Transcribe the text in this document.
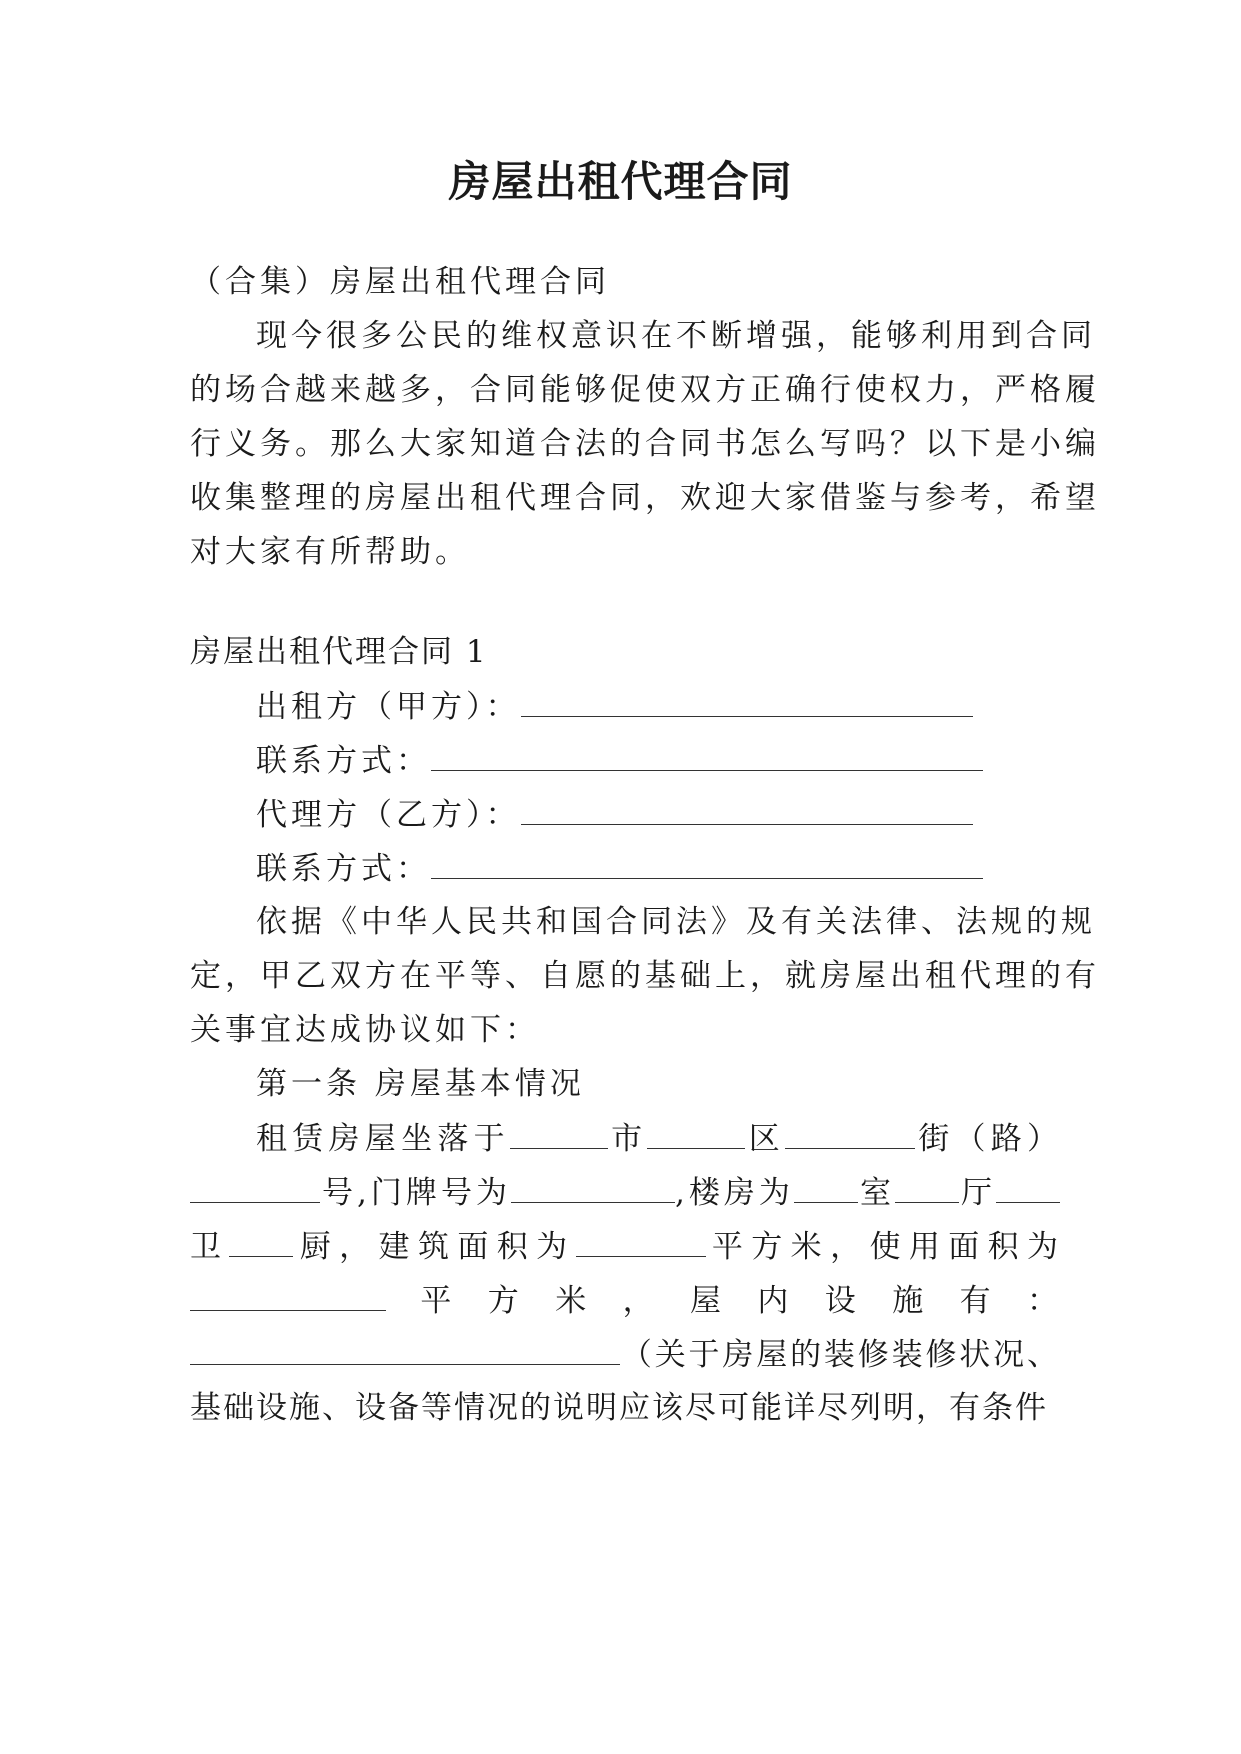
房屋出租代理合同

（合集）房屋出租代理合同

现今很多公民的维权意识在不断增强，能够利用到合同

的场合越来越多，合同能够促使双方正确行使权力，严格履

行义务。那么大家知道合法的合同书怎么写吗？以下是小编

收集整理的房屋出租代理合同，欢迎大家借鉴与参考，希望

对大家有所帮助。

房屋出租代理合同 1

出租方（甲方）：

联系方式：

代理方（乙方）：

联系方式：

依据《中华人民共和国合同法》及有关法律、法规的规

定，甲乙双方在平等、自愿的基础上，就房屋出租代理的有

关事宜达成协议如下：

第一条 房屋基本情况

租赁房屋坐落于	市	区	街（路）

号,门牌号为	,楼房为 室 厅

卫 厨，建筑面积为	平方米，使用面积为

平方米，屋内设施有：

（关于房屋的装修装修状况、

基础设施、设备等情况的说明应该尽可能详尽列明，有条件
